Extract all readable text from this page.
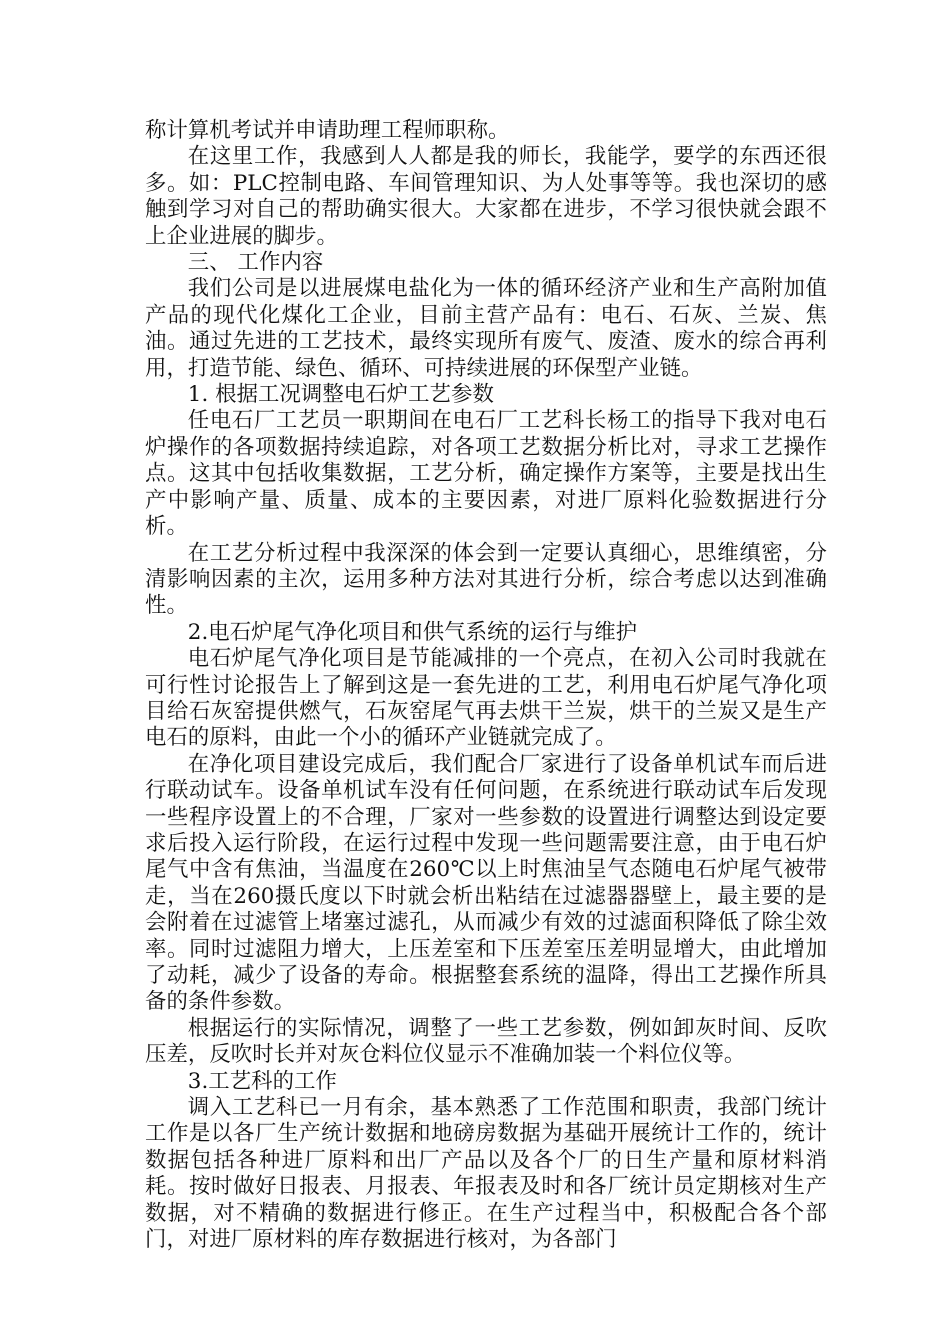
称计算机考试并申请助理工程师职称。

在这里工作，我感到人人都是我的师长，我能学，要学的东西还很多。如：PLC控制电路、车间管理知识、为人处事等等。我也深切的感触到学习对自己的帮助确实很大。大家都在进步，不学习很快就会跟不上企业进展的脚步。

三、 工作内容

我们公司是以进展煤电盐化为一体的循环经济产业和生产高附加值产品的现代化煤化工企业，目前主营产品有：电石、石灰、兰炭、焦油。通过先进的工艺技术，最终实现所有废气、废渣、废水的综合再利用，打造节能、绿色、循环、可持续进展的环保型产业链。

1. 根据工况调整电石炉工艺参数

任电石厂工艺员一职期间在电石厂工艺科长杨工的指导下我对电石炉操作的各项数据持续追踪，对各项工艺数据分析比对，寻求工艺操作点。这其中包括收集数据，工艺分析，确定操作方案等，主要是找出生产中影响产量、质量、成本的主要因素，对进厂原料化验数据进行分析。

在工艺分析过程中我深深的体会到一定要认真细心，思维缜密，分清影响因素的主次，运用多种方法对其进行分析，综合考虑以达到准确性。

2.电石炉尾气净化项目和供气系统的运行与维护

电石炉尾气净化项目是节能减排的一个亮点，在初入公司时我就在可行性讨论报告上了解到这是一套先进的工艺，利用电石炉尾气净化项目给石灰窑提供燃气，石灰窑尾气再去烘干兰炭，烘干的兰炭又是生产电石的原料，由此一个小的循环产业链就完成了。

在净化项目建设完成后，我们配合厂家进行了设备单机试车而后进行联动试车。设备单机试车没有任何问题，在系统进行联动试车后发现一些程序设置上的不合理，厂家对一些参数的设置进行调整达到设定要求后投入运行阶段，在运行过程中发现一些问题需要注意，由于电石炉尾气中含有焦油，当温度在260℃以上时焦油呈气态随电石炉尾气被带走，当在260摄氏度以下时就会析出粘结在过滤器器壁上，最主要的是会附着在过滤管上堵塞过滤孔，从而减少有效的过滤面积降低了除尘效率。同时过滤阻力增大，上压差室和下压差室压差明显增大，由此增加了动耗，减少了设备的寿命。根据整套系统的温降，得出工艺操作所具备的条件参数。

根据运行的实际情况，调整了一些工艺参数，例如卸灰时间、反吹压差，反吹时长并对灰仓料位仪显示不准确加装一个料位仪等。

3.工艺科的工作

调入工艺科已一月有余，基本熟悉了工作范围和职责，我部门统计工作是以各厂生产统计数据和地磅房数据为基础开展统计工作的，统计数据包括各种进厂原料和出厂产品以及各个厂的日生产量和原材料消耗。按时做好日报表、月报表、年报表及时和各厂统计员定期核对生产数据，对不精确的数据进行修正。在生产过程当中，积极配合各个部门，对进厂原材料的库存数据进行核对，为各部门
